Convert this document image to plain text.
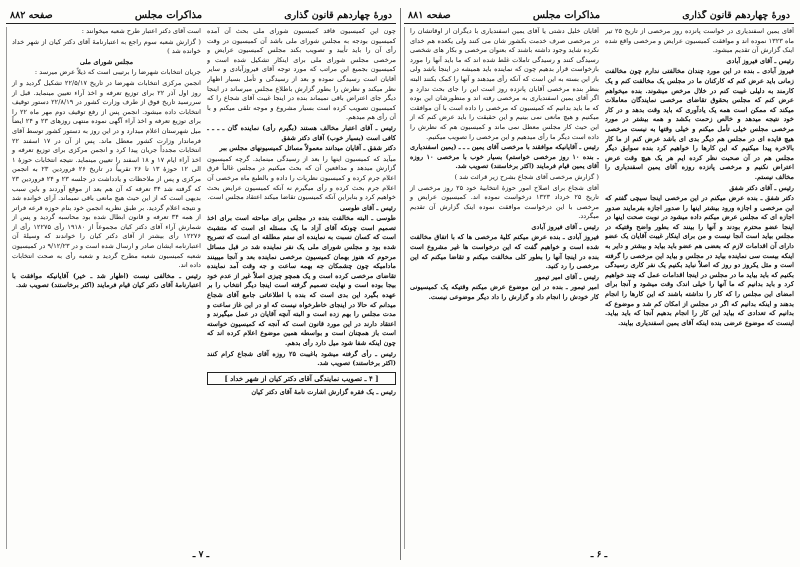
دورهٔ چهاردهم قانون گذاری
مذاکرات مجلس
صفحه ۸۸۲

چون این کمیسیون فاقد کمیسیون شورای ملی بحث آن آمده کمیسیون بودجه به مجلس شورای ملی باشد آن کمیسیون در وقت رأی آن را باید تأیید و تصویب بکند مجلس کمیسیون عرایض و مرخصی مجلس شورای ملی برای اینکار تشکیل شده است و کمیسیون بجمیع این مراتب که مورد توجه آقای فیروزآبادی و سایر آقایان است رسیدگی نموده و بعد از رسیدگی و تأمل بسیار اظهار نظر میکند و نظرش را بطور گزارش باطلاع مجلس میرساند در اینجا دیگر جای اعتراض باقی نمیماند بنده در اینجا غیبت آقای شجاع را که کمیسیون تصویب کرده است بسیار مشروع و موجه تلقی میکنم و با آن رأی هم میدهم.

رئیس ـ آقای اعتبار مخالف هستند (بگیرم رأی) نماینده گان ـ ـ ـ ـ کافی است (بسیار خوب) آقای دکتر شفق

دکتر شفق ـ آقایان میدانند معمولاً مسائل کمیسیونهای مجلس ببر

میآید که کمیسیون اینها را بعد از رسیدگی مینماید. گرچه کمیسیون گزارش میدهد و مدافعین آن که بحث میکنیم در مجلس غالباً فرق اعلام جرم کرده و کمیسیون نظریات را داده و بالطبع ماه مرخصی آن اعلام جرم بحث کرده و رأی میگیرم نه آنکه کمیسیون عرایض بحث خواهیم کرد و بنابراین آنکه کمیسیون تقاضا میکند اعتقاد مجلس است.

رئیس ـ آقای طوسی

طوسی ـ البته مخالفت بنده در مجلس برای مباحثه است برای اخذ تصمیم است چونکه آقای آزاد ما یک مسئله ای است که متشبث است که کسان نسبت به نماینده ای ستم مطلقه ای است که تصریح شده بود و مجلس شورای ملی یک نفر نماینده شد در قبل مسائل مرحوم که هنوز بهمان کمیسیون مرخصی نماینده بعد و آنجا میبینند مادامیکه چون چشمکان جه بهمه ساعت و جه وقت آمد نماینده تقاضای مرخصی کرده است و یک همچو چیزی اصلاً غیر از عدم خود بیجا بوده است و نهایت تصمیم گرفته است اینجا دیگر انتخاب را بر عهده بگیرد این بدی است که بنده با اطلاعاتی جامع آقای شجاع میدانم که حالا در اینجای خاطرخواه نیست که او در این غاز ساعت و مدت مجلس را بهم زده است و البته آنچه آقایان در عمل میگیرند و اعتقاد دارند در این مورد قانون است که آنجه که کمیسیون خواسته است باز همچنان است و بواسطه همین موضوع اعلام کرده اند که چون اینکه شفا شود میل دارد رأی بدهم.

رئیس ـ رأی گرفته میشود باغیبت ۲۵ روزه آقای شجاع کرام کنند (اکثر برخاستند) تصویب شد.

[ ۴ ـ تصویب نمایندگی آقای دکتر کیان از شهر خداد ]

رئیس ـ یک فقره گزارش اشارت نامهٔ آقای دکتر کیان

است آقای دکتر اعتبار طرح شعبه میخوانند :

( گزارش شعبه سوم راجع به اعتبارنامهٔ آقای دکتر کیان از شهر خداد خوانده شد )

مجلس شورای ملی

جریان انتخابات شهرضا را برتیبی است که ذیلاً عرض میرسد :

انجمن مرکزی انتخابات شهرضا در تاریخ ۲۲/۵/۱۷ تشکیل گردید و از روز اول آذر ۲۲ برای توزیع تعرفه و اخذ آراء تعیین مینماید. قبل از سررسید تاریخ فوق از طرف وزارت کشور در ۲۲/۸/۱۹ دستور توقیف انتخابات داده میشود. انجمن پس از رفع توقیف دوم مهر ماه ۲۲ را برای توزیع تعرفه و اخذ آراء آگهی نموده منتهی روزهای ۲۳ و ۲۴ ایضاً میل شهرستان اعلام میدارد و در این روز به دستور کشور توسط آقای فرماندار وزارت کشور معطل ماند. پس از آن در ۱۷ اسفند ۲۲ انتخابات مجدداً جریان پیدا کرد و انجمن مرکزی برای توزیع تعرفه و اخذ آراء ایام ۱۷ و ۱۸ اسفند را تعیین مینماید. نتیجه انتخابات حوزهٔ ۱ الی ۱۲ حوزهٔ ۱۳ تا ۲۶ تقریباً در تاریخ ۲۶ فروردین ۲۳ به انجمن مرکزی و پس از ملاحظات و یادداشت در جلسه ۲۳ و ۲۴ فروردین ۲۳ که گرفته شد ۳۴ تعرفه که آن هم بعد از موقع آوردند و باین سبب بدیهی است که از این حیث هیچ مانعی باقی نمیماند. آرای خوانده شد و نتیجه اعلام گردید. بر طبق نظریه انجمن خود بنام حوزه قرعه فراتر از همه ۳۴ تعرفه و قانون ابطال شده بود محاسبه گردید و پس از شمارش آراء آقای دکتر کیان مجموعاً از ۱۹۱۸۰ رأی ۱۲۲۷۵ رأی از ۱۲۲۷۶ رأی بیشتر از آقای دکتر کیان را خواندند که وسیلهٔ آن اعتبارنامه ایشان صادر و ارسال شده است و در ۹/۱۲/۲۳ در کمیسیون شعبه کمیسیون شعبه مطرح گردید و شعبه رأی به صحت انتخابات داده اند.

رئیس ـ مخالفی نیست (اظهار شد ـ خیر) آقایانیکه موافقت با اعتبارنامهٔ آقای دکتر کیان قیام فرمایند (اکثر برخاستند) تصویب شد.

ـ ۷ ـ
دورهٔ چهاردهم قانون گذاری
مذاکرات مجلس
صفحه ۸۸۱

آقای یمین اسفندیاری در خواست پانزده روز مرخصی از تاریخ ۲۵ تیر ماه ۱۳۲۳ نموده اند و موافقت کمیسیون عرایض و مرخصی واقع شده اینک گزارش آن تقدیم میشود.

رئیس ـ آقای فیروز آبادی

فیروز آبادی ـ بنده در این مورد چندان مخالفتی ندارم چون مخالفت زمانی باید عرض کنم که کارکنان ما در مجلس یک مخالفت کنم و یک کارمند به دلیلی غیبت کنم در خلال مرخص میشوند. بنده میخواهم عرض کنم که مجلس بحقوق تقاضای مرخصی نمایندگان معاملات میکند که ممکن است همه یک یادآوری که باید وقت بدهد و در کار خود نتیجه میدهد و خالص زحمت بکشد و همه بیشتر در مورد مرخصی مجلس خیلی تأمل میکنم و خیلی وقتها به نیست مرخصی هیچ فایده ای در مجلس هم دیگر بدی ای باشد عرض کنم از ما کار بالاخره پیدا میکنیم که این کارها را خواهیم کرد بنده سوابق دیگر مجلس هم در آن صحبت نظر کرده ایم هر یک هیچ وقت عرض اعتراض نکنیم و مرخصی پانزده روزه آقای یمین اسفندیاری را مخالف نیستم.

رئیس ـ آقای دکتر شفق

دکتر شفق ـ بنده عرض میکنم در این مرخصی اینجا سیچی گفتم که این مرخصی و اجازه ورود بیشتر اینها را صدور اجازه بفرمایند صدور اجازه ای که مجلس عرض میکنم داده میشود در نوبت صحت اینها در اینجا عضو محترم بودند و آنها را بینند که بطور واضح وقتیکه در مجلس بیاید است آنجا نیست و من برای اینکار غیبت آقایان یک عضو دارای آن اقدامات لازم که بعضی هم عضو باید بیاید و بیشتر و دایر به اینکه بیست سی نماینده بیاید در مجلس و بیاید این مرخصی را گرفته است و مثل یکروز دو روز که اصلاً نباید بکنیم یک نفر کاری رسیدگی بکنیم که باید بیاید ما در مجلس در اینجا اقدامات عمل که چند خواهیم کرد و باید بدانیم که ما آنها را خیلی اندک وقت میشود و آنجا برای امضای این مجلس را که کار را نداشته باشند که این کارها را انجام بدهند و اینکه بدانیم که اگر در مجلس از امکان کم شد و موضوع که بدانیم که تعدادی که بیاید این کار را انجام بدهیم آنجا که باید بیاید. اینست که موضوع عرضی بنده اینکه آقای یمین اسفندیاری بیایند.

آقایان خلیل دشتی یا آقای یمین اسفندیاری با دیگران از اوقاتشان را در مرخصی صرف خدمت بکشور شان می کنند ولی یکعده هم خدای نکرده شاید وجود داشته باشند که بعنوان مرخصی و بکار های شخصی رسیدگی کنند و رسیدگی تاملات غلط شده اند که ما باید آنها را مورد بازخواست قرار بدهیم چون که نماینده باید همیشه در اینجا باشد ولی باز این بسته به این است که آنکه رأی میدهند و آنها را کمک بکنند البته بنظر بنده مرخصی آقایان پانزده روز است این را جای بحث ندارد و اگر آقای یمین اسفندیاری به مرخصی رفته اند و منظورشان این بوده که ما باید بدانیم که کمیسیون که مرخصی را داده است با آن موافقت میکنیم و هیچ مانعی نمی بینیم و این حقیقت را باید عرض کنم که از این حیث کار مجلس معطل نمی ماند و کمیسیون هم که نظرش را داده است دیگر ما رأی میدهیم و این مرخصی را تصویب میکنیم.

رئیس ـ آقایانیکه موافقند با مرخصی آقای یمین ـ ـ ـ (یمین اسفندیاری ـ بنده ۱۰ روز مرخصی خواستم) بسیار خوب با مرخصی ۱۰ روزه آقای یمین قیام فرمایند (اکثر برخاستند) تصویب شد.

( گزارش مرخصی آقای شجاع بشرح زیر قرائت شد )

آقای شجاع برای اصلاح امور حوزهٔ انتخابیهٔ خود ۲۵ روز مرخصی از تاریخ ۲۵ خرداد ۱۳۲۳ درخواست نموده اند. کمیسیون عرایض و مرخصی با این درخواست موافقت نموده اینک گزارش آن تقدیم میگردد.

رئیس ـ آقای فیروز آبادی

فیروز آبادی ـ بنده عرض میکنم کلیهٔ مرخصی ها که با اتفاق مخالفت شده است و خواهیم گفت که این درخواست ها غیر مشروع است بنده در اینجا آنها را بطور کلی مخالفت میکنم و تقاضا میکنم که این مرخصی را رد کنید.

رئیس ـ آقای امیر تیمور

امیر تیمور ـ بنده در این موضوع عرض میکنم وقتیکه یک کمیسیونی کار خودش را انجام داد و گزارش را داد دیگر موضوعی نیست.

ـ ۶ ـ
